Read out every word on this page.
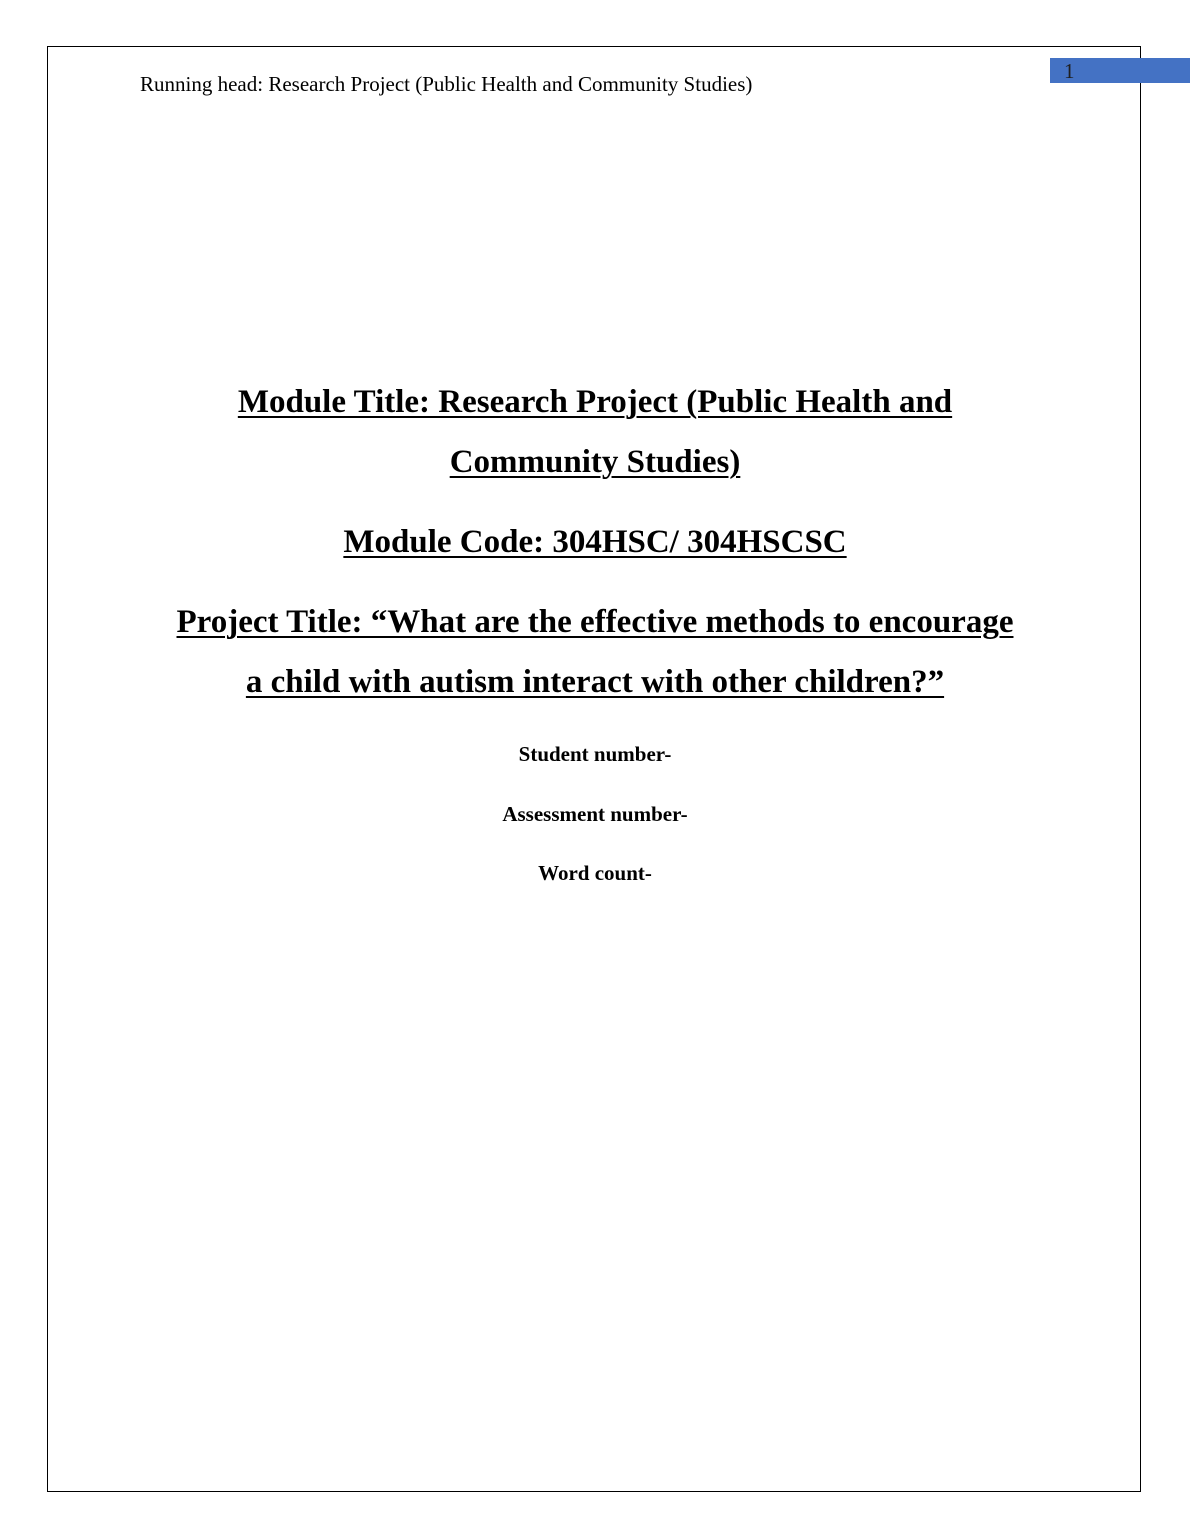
Running head: Research Project (Public Health and Community Studies)
1
Module Title: Research Project (Public Health and
Community Studies)
Module Code: 304HSC/ 304HSCSC
Project Title: “What are the effective methods to encourage
a child with autism interact with other children?”
Student number-
Assessment number-
Word count-
